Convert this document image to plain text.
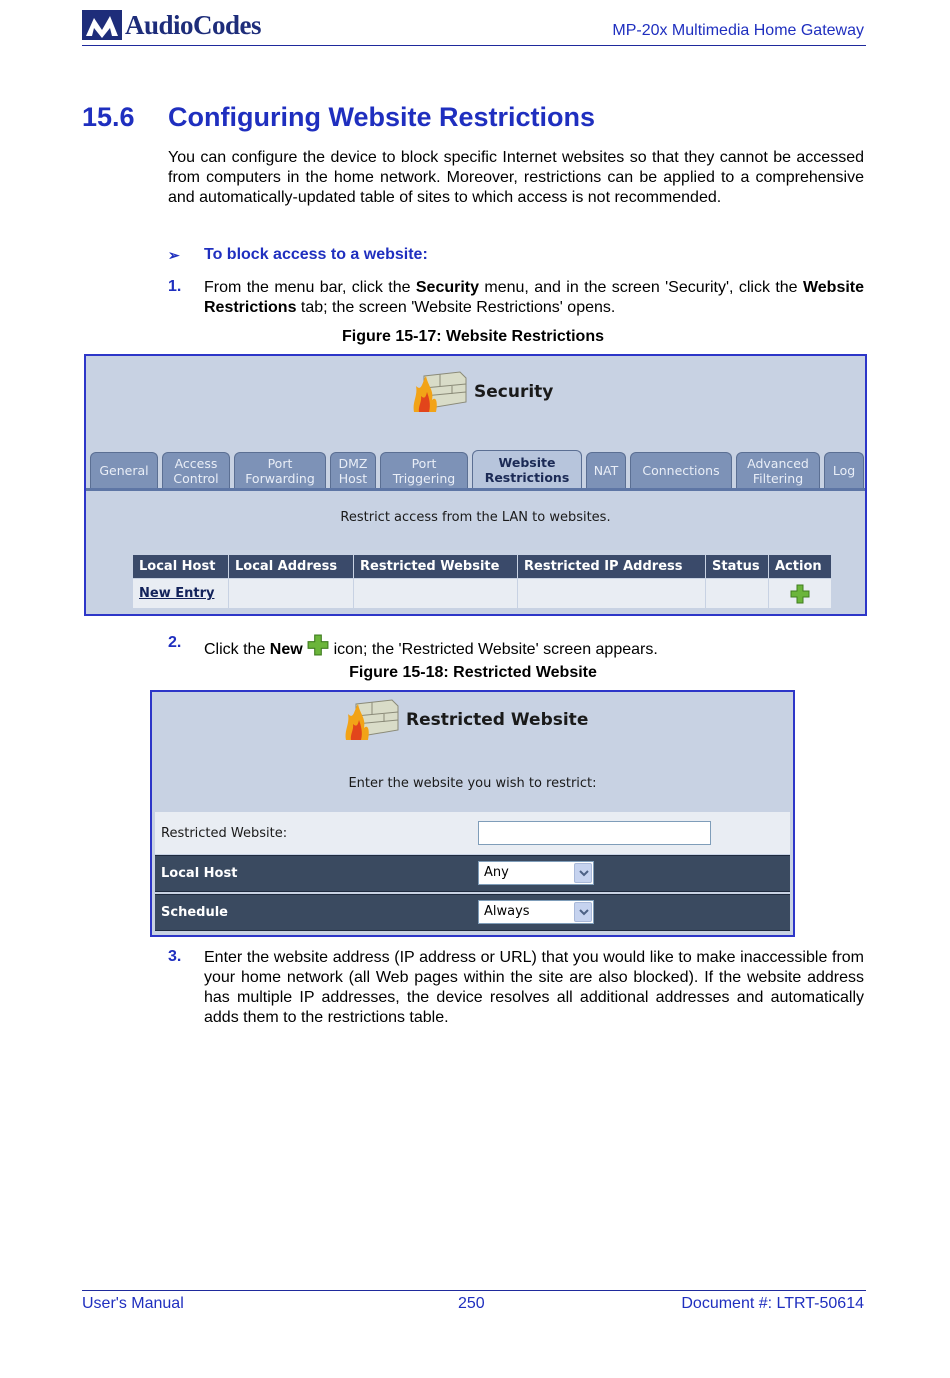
AudioCodes	MP-20x Multimedia Home Gateway
15.6 Configuring Website Restrictions
You can configure the device to block specific Internet websites so that they cannot be accessed from computers in the home network. Moreover, restrictions can be applied to a comprehensive and automatically-updated table of sites to which access is not recommended.
➢	To block access to a website:
1. From the menu bar, click the Security menu, and in the screen 'Security', click the Website Restrictions tab; the screen 'Website Restrictions' opens.
Figure 15-17: Website Restrictions
Security
General Access
Control
Port
Forwarding
DMZ
Host
Port
Triggering
Website
Restrictions NAT Connections Advanced
Filtering	Log
Restrict access from the LAN to websites.
Local Host	Local Address	Restricted Website	Restricted IP Address	Status	Action
New Entry					
2. Click the New  icon; the 'Restricted Website' screen appears.
Figure 15-18: Restricted Website
Restricted Website
Enter the website you wish to restrict:
Restricted Website:
Local Host	Any
Schedule	Always
3. Enter the website address (IP address or URL) that you would like to make inaccessible from your home network (all Web pages within the site are also blocked). If the website address has multiple IP addresses, the device resolves all additional addresses and automatically adds them to the restrictions table.
User's Manual	250	Document #: LTRT-50614
